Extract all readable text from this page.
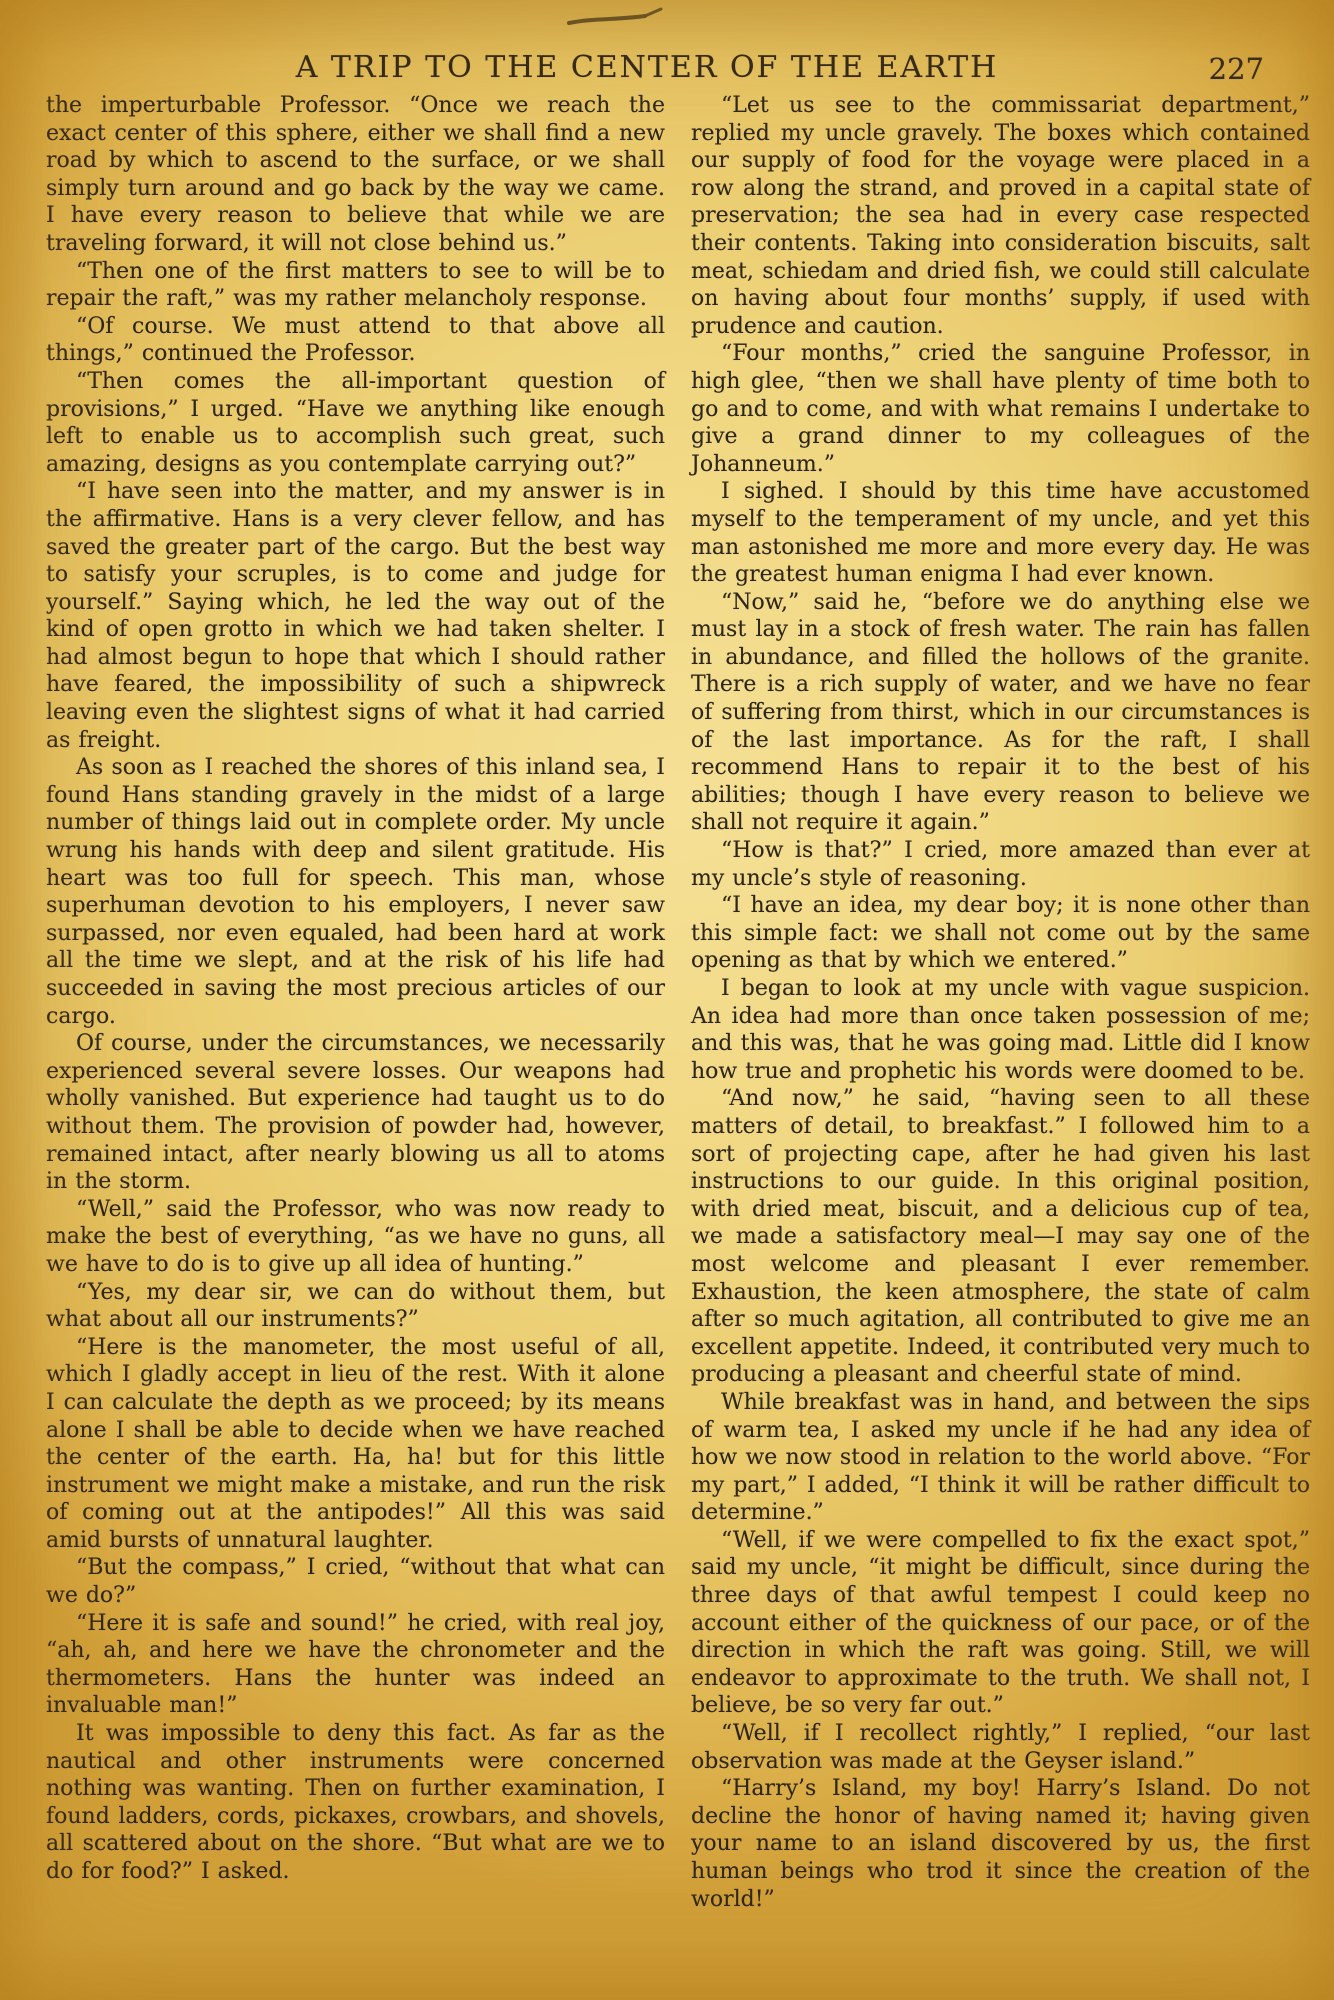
A TRIP TO THE CENTER OF THE EARTH	227

the imperturbable Professor. “Once we reach the exact center of this sphere, either we shall find a new road by which to ascend to the surface, or we shall simply turn around and go back by the way we came. I have every reason to believe that while we are traveling forward, it will not close behind us.”

“Then one of the first matters to see to will be to repair the raft,” was my rather melancholy response.

“Of course. We must attend to that above all things,” continued the Professor.

“Then comes the all-important question of provisions,” I urged. “Have we anything like enough left to enable us to accomplish such great, such amazing, designs as you contemplate carrying out?”

“I have seen into the matter, and my answer is in the affirmative. Hans is a very clever fellow, and has saved the greater part of the cargo. But the best way to satisfy your scruples, is to come and judge for yourself.” Saying which, he led the way out of the kind of open grotto in which we had taken shelter. I had almost begun to hope that which I should rather have feared, the impossibility of such a shipwreck leaving even the slightest signs of what it had carried as freight.

As soon as I reached the shores of this inland sea, I found Hans standing gravely in the midst of a large number of things laid out in complete order. My uncle wrung his hands with deep and silent gratitude. His heart was too full for speech. This man, whose superhuman devotion to his employers, I never saw surpassed, nor even equaled, had been hard at work all the time we slept, and at the risk of his life had succeeded in saving the most precious articles of our cargo.

Of course, under the circumstances, we necessarily experienced several severe losses. Our weapons had wholly vanished. But experience had taught us to do without them. The provision of powder had, however, remained intact, after nearly blowing us all to atoms in the storm.

“Well,” said the Professor, who was now ready to make the best of everything, “as we have no guns, all we have to do is to give up all idea of hunting.”

“Yes, my dear sir, we can do without them, but what about all our instruments?”

“Here is the manometer, the most useful of all, which I gladly accept in lieu of the rest. With it alone I can calculate the depth as we proceed; by its means alone I shall be able to decide when we have reached the center of the earth. Ha, ha! but for this little instrument we might make a mistake, and run the risk of coming out at the antipodes!” All this was said amid bursts of unnatural laughter.

“But the compass,” I cried, “without that what can we do?”

“Here it is safe and sound!” he cried, with real joy, “ah, ah, and here we have the chronometer and the thermometers. Hans the hunter was indeed an invaluable man!”

It was impossible to deny this fact. As far as the nautical and other instruments were concerned nothing was wanting. Then on further examination, I found ladders, cords, pickaxes, crowbars, and shovels, all scattered about on the shore. “But what are we to do for food?” I asked.

“Let us see to the commissariat department,” replied my uncle gravely. The boxes which contained our supply of food for the voyage were placed in a row along the strand, and proved in a capital state of preservation; the sea had in every case respected their contents. Taking into consideration biscuits, salt meat, schiedam and dried fish, we could still calculate on having about four months’ supply, if used with prudence and caution.

“Four months,” cried the sanguine Professor, in high glee, “then we shall have plenty of time both to go and to come, and with what remains I undertake to give a grand dinner to my colleagues of the Johanneum.”

I sighed. I should by this time have accustomed myself to the temperament of my uncle, and yet this man astonished me more and more every day. He was the greatest human enigma I had ever known.

“Now,” said he, “before we do anything else we must lay in a stock of fresh water. The rain has fallen in abundance, and filled the hollows of the granite. There is a rich supply of water, and we have no fear of suffering from thirst, which in our circumstances is of the last importance. As for the raft, I shall recommend Hans to repair it to the best of his abilities; though I have every reason to believe we shall not require it again.”

“How is that?” I cried, more amazed than ever at my uncle’s style of reasoning.

“I have an idea, my dear boy; it is none other than this simple fact: we shall not come out by the same opening as that by which we entered.”

I began to look at my uncle with vague suspicion. An idea had more than once taken possession of me; and this was, that he was going mad. Little did I know how true and prophetic his words were doomed to be.

“And now,” he said, “having seen to all these matters of detail, to breakfast.” I followed him to a sort of projecting cape, after he had given his last instructions to our guide. In this original position, with dried meat, biscuit, and a delicious cup of tea, we made a satisfactory meal—I may say one of the most welcome and pleasant I ever remember. Exhaustion, the keen atmosphere, the state of calm after so much agitation, all contributed to give me an excellent appetite. Indeed, it contributed very much to producing a pleasant and cheerful state of mind.

While breakfast was in hand, and between the sips of warm tea, I asked my uncle if he had any idea of how we now stood in relation to the world above. “For my part,” I added, “I think it will be rather difficult to determine.”

“Well, if we were compelled to fix the exact spot,” said my uncle, “it might be difficult, since during the three days of that awful tempest I could keep no account either of the quickness of our pace, or of the direction in which the raft was going. Still, we will endeavor to approximate to the truth. We shall not, I believe, be so very far out.”

“Well, if I recollect rightly,” I replied, “our last observation was made at the Geyser island.”

“Harry’s Island, my boy! Harry’s Island. Do not decline the honor of having named it; having given your name to an island discovered by us, the first human beings who trod it since the creation of the world!”
